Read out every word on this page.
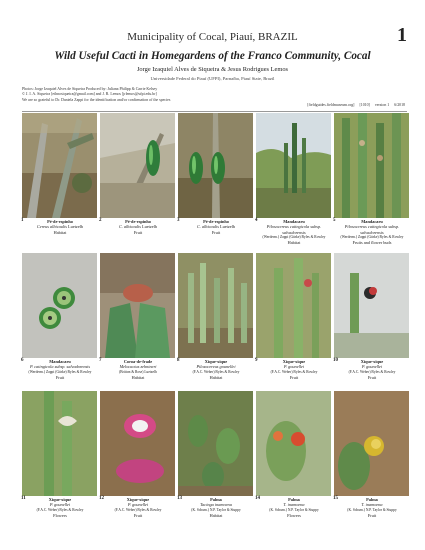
Municipality of Cocal, Piauí, BRAZIL	1
Wild Useful Cacti in Homegardens of the Franco Community, Cocal
Jorge Izaquiel Alves de Siqueira & Jesus Rodrigues Lemos
Universidade Federal do Piauí (UFPI), Parnaíba, Piauí State, Brazil
Photos: Jorge Izaquiel Alves de Siqueira Produced by: Juliana Philipp & Carrie Kelsey
© J. I. A. Siqueira [ethnosiqueira@gmail.com] and J. R. Lemos [jrlemos@ufpi.edu.br]
We are so grateful to Dr. Daniela Zappi for the identification and/or confirmation of the species
[fieldguides.fieldmuseum.org] [1010] version 1 6/2018
1	Pé-de-espinho
Cereus albicaulis Luetzelb
Habitat
2	Pé-de-espinho
C. albicaulis Luetzelb
Fruit
3	Pé-de-espinho
C. albicaulis Luetzelb
Fruit
4	Mandacaru
Pilosocereus catingicola subsp. salvadorensis
(Werderm.) Zappi (Gürke) Byles & Rowley
Habitat
5	Mandacaru
Pilosocereus catingicola subsp. salvadorensis
(Werderm.) Zappi (Gürke) Byles & Rowley
Fruits and flower buds
6	Mandacaru
P. catingicola subsp. salvadorensis
(Werderm.) Zappi (Gürke) Byles & Rowley
Fruit
7	Coroa-de-frade
Melocactus zehntneri
(Britton & Rose) Luetzelb
Habitat
8	Xique-xique
Pilosocereus gounellei
(F.A.C. Weber) Byles & Rowley
Habitat
9	Xique-xique
P. gounellei
(F.A.C. Weber) Byles & Rowley
Fruit
10	Xique-xique
P. gounellei
(F.A.C. Weber) Byles & Rowley
Fruit
11	Xique-xique
P. gounellei
(F.A.C. Weber) Byles & Rowley
Flowers
12	Xique-xique
P. gounellei
(F.A.C. Weber) Byles & Rowley
Fruit
13	Palma
Tacinga inamoena
(K. Schum.) N.P. Taylor & Stuppy
Habitat
14	Palma
T. inamoena
(K. Schum.) N.P. Taylor & Stuppy
Flowers
15	Palma
T. inamoena
(K. Schum.) N.P. Taylor & Stuppy
Fruit
